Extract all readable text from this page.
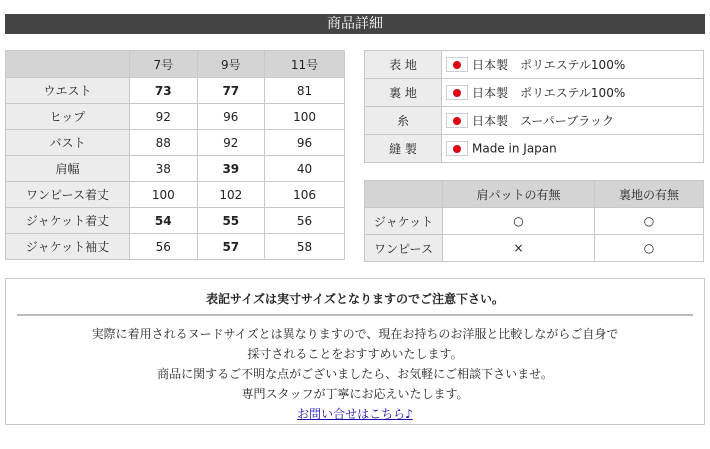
商品詳細
	7号	9号	11号
ウエスト	73	77	81
ヒップ	92	96	100
バスト	88	92	96
肩幅	38	39	40
ワンピース着丈	100	102	106
ジャケット着丈	54	55	56
ジャケット袖丈	56	57	58
表 地	日本製　ポリエステル100%
裏 地	日本製　ポリエステル100%
糸	日本製　スーパーブラック
縫 製	Made in Japan
	肩パットの有無	裏地の有無
ジャケット	○	○
ワンピース	×	○
表記サイズは実寸サイズとなりますのでご注意下さい。
実際に着用されるヌードサイズとは異なりますので、現在お持ちのお洋服と比較しながらご自身で
採寸されることをおすすめいたします。
商品に関するご不明な点がございましたら、お気軽にご相談下さいませ。
専門スタッフが丁寧にお応えいたします。
お問い合せはこちら♪
